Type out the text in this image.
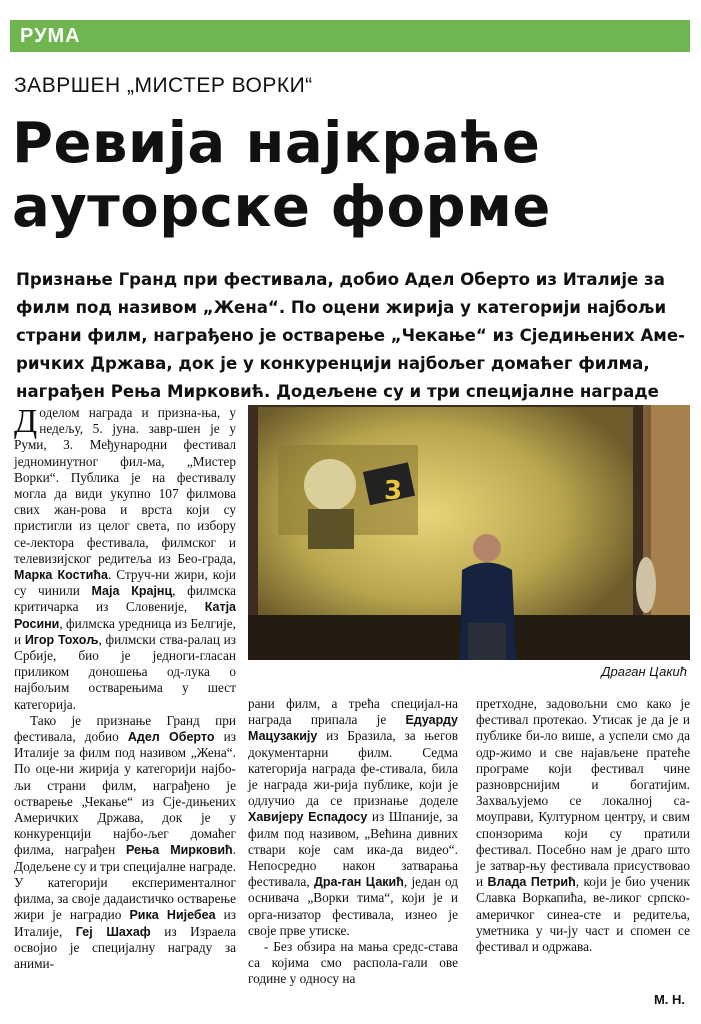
РУМА
ЗАВРШЕН „МИСТЕР ВОРКИ“
Ревија најкраће
ауторске форме
Признање Гранд при фестивала, добио Адел Оберто из Италије за
филм под називом „Жена“. По оцени жирија у категорији најбољи
страни филм, награђено је остварење „Чекање“ из Сједињених Аме-
ричких Држава, док је у конкуренцији најбољег домаћег филма,
награђен Рења Мирковић. Додељене су и три специјалне награде
3
Драган Цакић

Доделом награда и призна-ња, у недељу, 5. јуна. завр-шен је у Руми, 3. Међународни фестивал једноминутног фил-ма, „Мистер Ворки“. Публика је на фестивалу могла да види укупно 107 филмова свих жан-рова и врста који су пристигли из целог света, по избору се-лектора фестивала, филмског и телевизијског редитеља из Бео-града, Марка Костића. Струч-ни жири, који су чинили Маја Крајнц, филмска критичарка из Словеније, Катја Росини, филмска уредница из Белгије, и Игор Тохољ, филмски ства-ралац из Србије, био је једноги-гласан приликом доношења од-лука о најбољим остварењима у шест категорија.

Тако је признање Гранд при фестивала, добио Адел Оберто из Италије за филм под називом „Жена“. По оце-ни жирија у категорији најбо-љи страни филм, награђено је остварење „Чекање“ из Сје-дињених Америчких Држава, док је у конкуренцији најбо-љег домаћег филма, награђен Рења Мирковић. Додељене су и три специјалне награде. У категорији експерименталног филма, за своје дадаистичко остварење жири је наградио Рика Нијебеа из Италије, Геј Шахаф из Израела освојио је специјалну награду за аними-

рани филм, а трећа специјал-на награда припала је Едуарду Мацузакију из Бразила, за његов документарни филм. Седма категорија награда фе-стивала, била је награда жи-рија публике, који је одлучио да се признање доделе Хавијеру Еспадосу из Шпаније, за филм под називом, „Већина дивних ствари које сам ика-да видео“. Непосредно након затварања фестивала, Дра-ган Цакић, један од оснивача „Ворки тима“, који је и орга-низатор фестивала, изнео је своје прве утиске.

- Без обзира на мања средс-става са којима смо распола-гали ове године у односу на

претходне, задовољни смо како је фестивал протекао. Утисак је да је и публике би-ло више, а успели смо да одр-жимо и све најављене пратеће програме који фестивал чине разноврснијим и богатијим. Захваљујемо се локалној са-моуправи, Културном центру, и свим спонзорима који су пратили фестивал. Посебно нам је драго што је затвар-њу фестивала присуствовао и Влада Петрић, који је био ученик Славка Воркапића, ве-ликог српско-америчког синеа-сте и редитеља, уметника у чи-ју част и спомен се фестивал и одржава.

М. Н.
